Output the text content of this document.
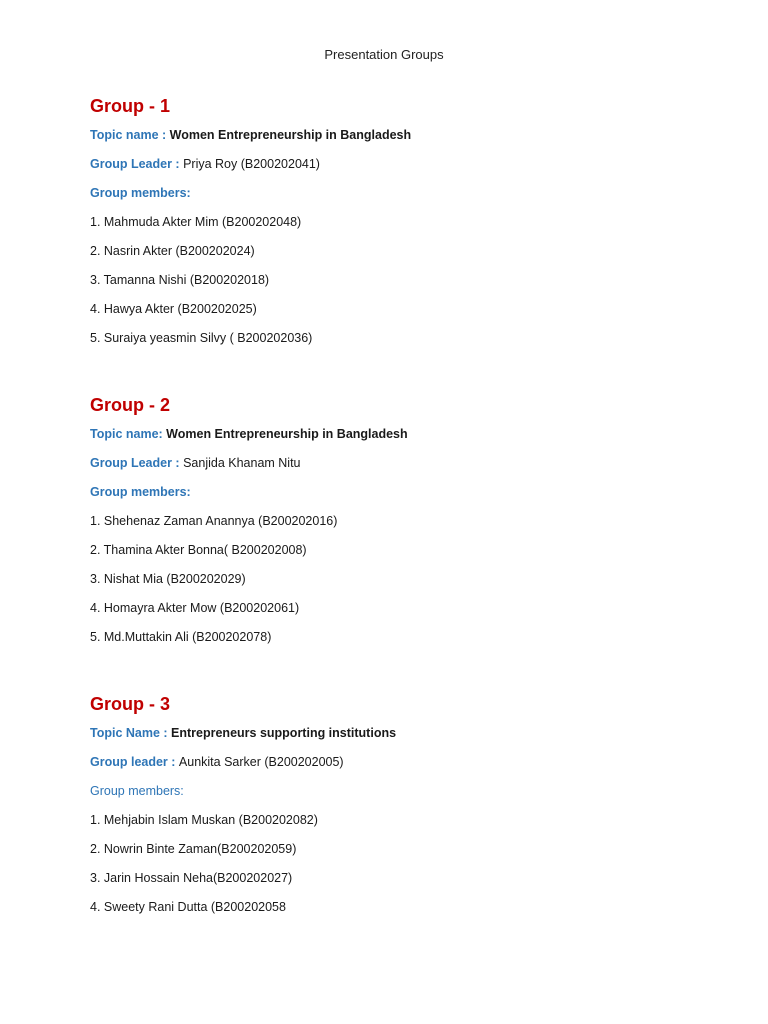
Presentation Groups
Group - 1
Topic name : Women Entrepreneurship in Bangladesh
Group Leader : Priya Roy (B200202041)
Group members:
1. Mahmuda Akter Mim (B200202048)
2. Nasrin Akter (B200202024)
3. Tamanna Nishi (B200202018)
4. Hawya Akter (B200202025)
5. Suraiya yeasmin Silvy ( B200202036)
Group - 2
Topic name: Women Entrepreneurship in Bangladesh
Group Leader : Sanjida Khanam Nitu
Group members:
1. Shehenaz Zaman Anannya (B200202016)
2. Thamina Akter Bonna( B200202008)
3. Nishat Mia (B200202029)
4. Homayra Akter Mow (B200202061)
5. Md.Muttakin Ali (B200202078)
Group - 3
Topic Name : Entrepreneurs supporting institutions
Group leader : Aunkita Sarker (B200202005)
Group members:
1. Mehjabin Islam Muskan (B200202082)
2. Nowrin Binte Zaman(B200202059)
3. Jarin Hossain Neha(B200202027)
4. Sweety Rani Dutta (B200202058
